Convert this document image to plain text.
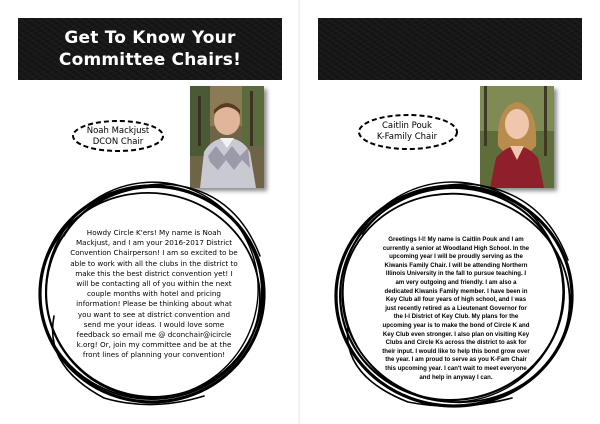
Get To Know Your
Committee Chairs!
Noah Mackjust
DCON Chair
Howdy Circle K'ers! My name is Noah Mackjust, and I am your 2016-2017 District Convention Chairperson! I am so excited to be able to work with all the clubs in the district to make this the best district convention yet! I will be contacting all of you within the next couple months with hotel and pricing information! Please be thinking about what you want to see at district convention and send me your ideas. I would love some feedback so email me @ dconchair@icircle k.org! Or, join my committee and be at the front lines of planning your convention!
Caitlin Pouk
K-Family Chair
Greetings I-I! My name is Caitlin Pouk and I am currently a senior at Woodland High School. In the upcoming year I will be proudly serving as the Kiwanis Family Chair. I will be attending Northern Illinois University in the fall to pursue teaching. I am very outgoing and friendly. I am also a dedicated Kiwanis Family member. I have been in Key Club all four years of high school, and I was just recently retired as a Lieutenant Governor for the I-I District of Key Club. My plans for the upcoming year is to make the bond of Circle K and Key Club even stronger. I also plan on visiting Key Clubs and Circle Ks across the district to ask for their input. I would like to help this bond grow over the year. I am proud to serve as you K-Fam Chair this upcoming year. I can't wait to meet everyone and help in anyway I can.
